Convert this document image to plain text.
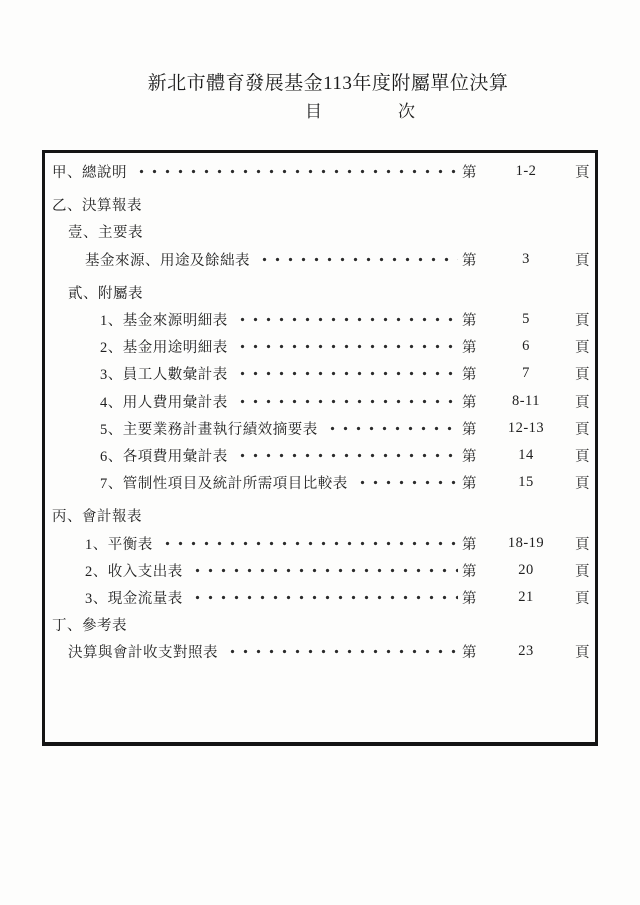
新北市體育發展基金113年度附屬單位決算
目	次
甲、總說明	第	1-2	頁
乙、決算報表
壹、主要表
基金來源、用途及餘絀表	第	3	頁
貳、附屬表
1、基金來源明細表	第	5	頁
2、基金用途明細表	第	6	頁
3、員工人數彙計表	第	7	頁
4、用人費用彙計表	第	8-11	頁
5、主要業務計畫執行績效摘要表	第	12-13	頁
6、各項費用彙計表	第	14	頁
7、管制性項目及統計所需項目比較表	第	15	頁
丙、會計報表
1、平衡表	第	18-19	頁
2、收入支出表	第	20	頁
3、現金流量表	第	21	頁
丁、參考表
決算與會計收支對照表	第	23	頁
